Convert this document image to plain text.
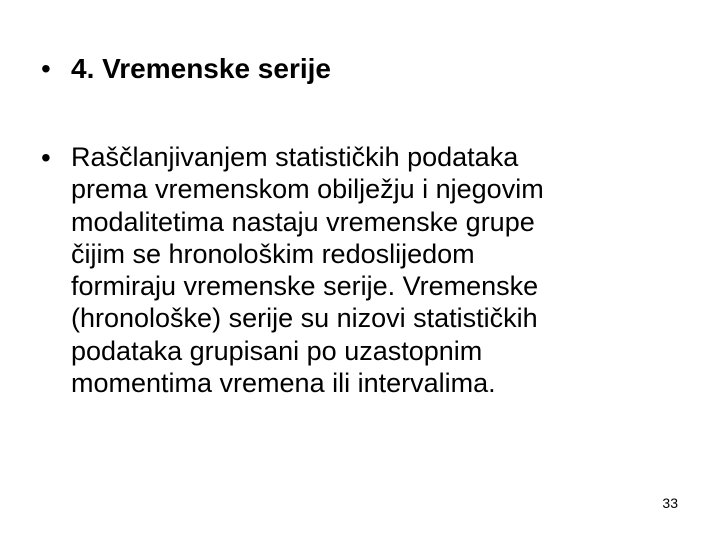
• 4. Vremenske serije
• Raščlanjivanjem statističkih podataka
prema vremenskom obilježju i njegovim
modalitetima nastaju vremenske grupe
čijim se hronološkim redoslijedom
formiraju vremenske serije. Vremenske
(hronološke) serije su nizovi statističkih
podataka grupisani po uzastopnim
momentima vremena ili intervalima.
33
